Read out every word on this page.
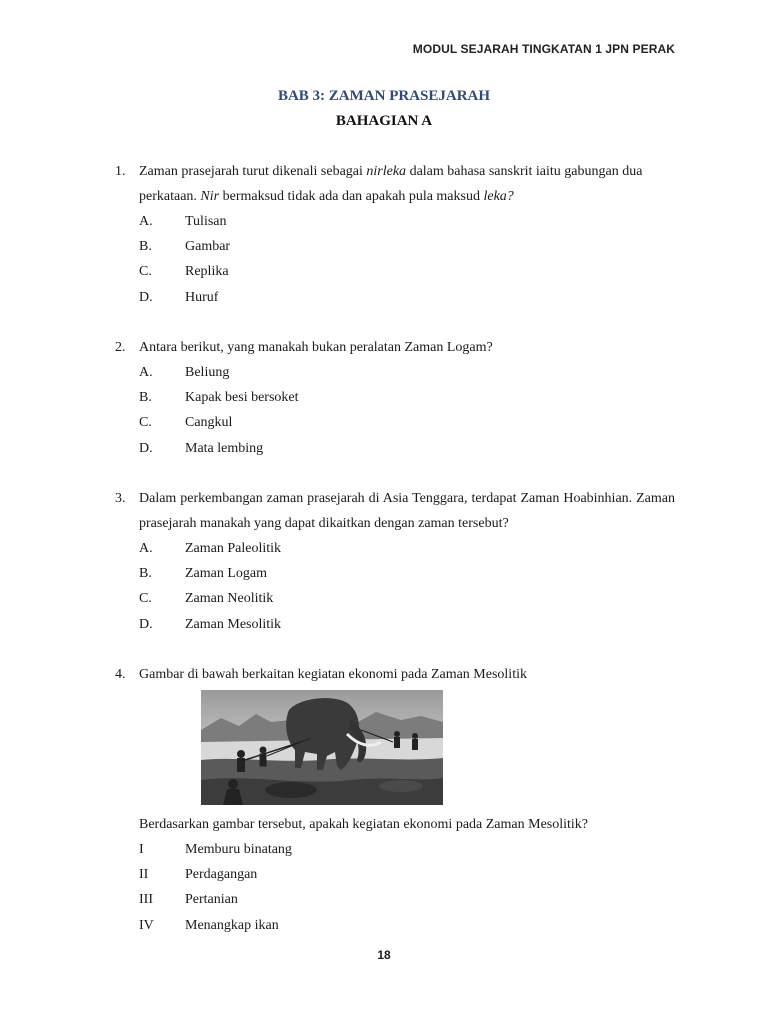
MODUL SEJARAH TINGKATAN 1 JPN PERAK
BAB 3: ZAMAN PRASEJARAH
BAHAGIAN A
1. Zaman prasejarah turut dikenali sebagai nirleka dalam bahasa sanskrit iaitu gabungan dua perkataan. Nir bermaksud tidak ada dan apakah pula maksud leka?
A. Tulisan
B. Gambar
C. Replika
D. Huruf
2. Antara berikut, yang manakah bukan peralatan Zaman Logam?
A. Beliung
B. Kapak besi bersoket
C. Cangkul
D. Mata lembing
3. Dalam perkembangan zaman prasejarah di Asia Tenggara, terdapat Zaman Hoabinhian. Zaman prasejarah manakah yang dapat dikaitkan dengan zaman tersebut?
A. Zaman Paleolitik
B. Zaman Logam
C. Zaman Neolitik
D. Zaman Mesolitik
4. Gambar di bawah berkaitan kegiatan ekonomi pada Zaman Mesolitik
Berdasarkan gambar tersebut, apakah kegiatan ekonomi pada Zaman Mesolitik?
I	Memburu binatang
II	Perdagangan
III Pertanian
IV Menangkap ikan
18
